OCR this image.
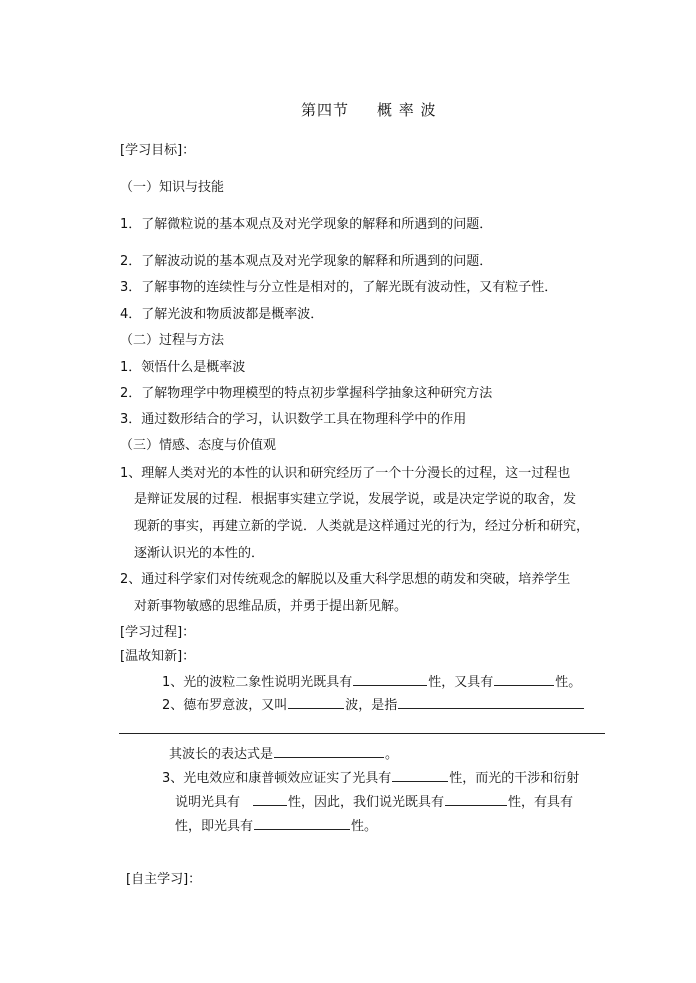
第四节 概 率 波
[学习目标]：
（一）知识与技能
1．了解微粒说的基本观点及对光学现象的解释和所遇到的问题．
2．了解波动说的基本观点及对光学现象的解释和所遇到的问题．
3．了解事物的连续性与分立性是相对的，了解光既有波动性，又有粒子性．
4．了解光波和物质波都是概率波．
（二）过程与方法
1．领悟什么是概率波
2．了解物理学中物理模型的特点初步掌握科学抽象这种研究方法
3．通过数形结合的学习，认识数学工具在物理科学中的作用
（三）情感、态度与价值观
1、理解人类对光的本性的认识和研究经历了一个十分漫长的过程，这一过程也
是辩证发展的过程．根据事实建立学说，发展学说，或是决定学说的取舍，发
现新的事实，再建立新的学说．人类就是这样通过光的行为，经过分析和研究，
逐渐认识光的本性的．
2、通过科学家们对传统观念的解脱以及重大科学思想的萌发和突破，培养学生
对新事物敏感的思维品质，并勇于提出新见解。
[学习过程]：
[温故知新]：
1、光的波粒二象性说明光既具有	性，又具有	性。
2、德布罗意波，又叫	波，是指
其波长的表达式是	。
3、光电效应和康普顿效应证实了光具有	性，而光的干涉和衍射
说明光具有	性，因此，我们说光既具有	性，有具有
性，即光具有	性。
[自主学习]：
